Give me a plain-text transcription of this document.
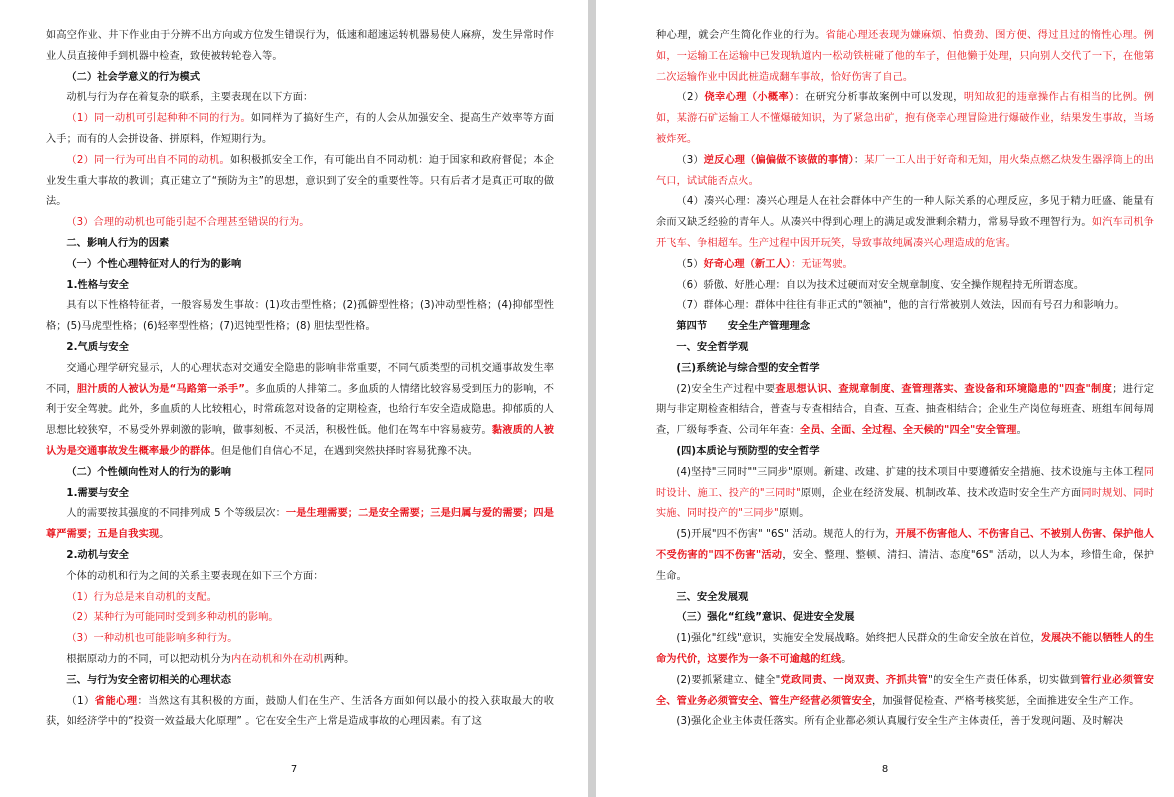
如高空作业、井下作业由于分辨不出方向或方位发生错误行为，低速和超速运转机器易使人麻痹，发生异常时作业人员直接伸手到机器中检查，致使被转轮卷入等。

（二）社会学意义的行为模式

动机与行为存在着复杂的联系，主要表现在以下方面：

（1）同一动机可引起种种不同的行为。如同样为了搞好生产，有的人会从加强安全、提高生产效率等方面入手；而有的人会拼设备、拼原料，作短期行为。

（2）同一行为可出自不同的动机。如积极抓安全工作，有可能出自不同动机：迫于国家和政府督促；本企业发生重大事故的教训；真正建立了“预防为主”的思想，意识到了安全的重要性等。只有后者才是真正可取的做法。

（3）合理的动机也可能引起不合理甚至错误的行为。

二、影响人行为的因素

（一）个性心理特征对人的行为的影响

1.性格与安全

具有以下性格特征者，一般容易发生事故：(1)攻击型性格；(2)孤僻型性格；(3)冲动型性格；(4)抑郁型性格；(5)马虎型性格；(6)轻率型性格；(7)迟钝型性格；(8) 胆怯型性格。

2.气质与安全

交通心理学研究显示，人的心理状态对交通安全隐患的影响非常重要，不同气质类型的司机交通事故发生率不同，胆汁质的人被认为是“马路第一杀手”。多血质的人排第二。多血质的人情绪比较容易受到压力的影响，不利于安全驾驶。此外，多血质的人比较粗心，时常疏忽对设备的定期检查，也给行车安全造成隐患。抑郁质的人思想比较狭窄，不易受外界刺激的影响，做事刻板、不灵活，积极性低。他们在驾车中容易疲劳。黏液质的人被认为是交通事故发生概率最少的群体。但是他们自信心不足，在遇到突然抉择时容易犹豫不决。

（二）个性倾向性对人的行为的影响

1.需要与安全

人的需要按其强度的不同排列成 5 个等级层次：一是生理需要；二是安全需要；三是归属与爱的需要；四是尊严需要；五是自我实现。

2.动机与安全

个体的动机和行为之间的关系主要表现在如下三个方面：

（1）行为总是来自动机的支配。

（2）某种行为可能同时受到多种动机的影响。

（3）一种动机也可能影响多种行为。

根据原动力的不同，可以把动机分为内在动机和外在动机两种。

三、与行为安全密切相关的心理状态

（1）省能心理：当然这有其积极的方面，鼓励人们在生产、生活各方面如何以最小的投入获取最大的收获，如经济学中的“投资一效益最大化原理” 。它在安全生产上常是造成事故的心理因素。有了这

7

种心理，就会产生简化作业的行为。省能心理还表现为嫌麻烦、怕费劲、图方便、得过且过的惰性心理。例如，一运输工在运输中已发现轨道内一松动铁桩碰了他的车子，但他懒于处理，只向别人交代了一下，在他第二次运输作业中因此桩造成翻车事故，恰好伤害了自己。

（2）侥幸心理（小概率）：在研究分析事故案例中可以发现，明知故犯的违章操作占有相当的比例。例如，某游石矿运输工人不懂爆破知识，为了紧急出矿，抱有侥幸心理冒险进行爆破作业，结果发生事故，当场被炸死。

（3）逆反心理（偏偏做不该做的事情）：某厂一工人出于好奇和无知，用火柴点燃乙炔发生器浮筒上的出气口，试试能否点火。

（4）凑兴心理：凑兴心理是人在社会群体中产生的一种人际关系的心理反应，多见于精力旺盛、能量有余而又缺乏经验的青年人。从凑兴中得到心理上的满足或发泄剩余精力，常易导致不理智行为。如汽车司机争开飞车、争相超车。生产过程中因开玩笑，导致事故纯属凑兴心理造成的危害。

（5）好奇心理（新工人）：无证驾驶。

（6）骄傲、好胜心理：自以为技术过硬而对安全规章制度、安全操作规程持无所谓态度。

（7）群体心理：群体中往往有非正式的"领袖"，他的言行常被别人效法，因而有号召力和影响力。

第四节　　安全生产管理理念

一、安全哲学观

(三)系统论与综合型的安全哲学

(2)安全生产过程中要查思想认识、查规章制度、查管理落实、查设备和环境隐患的"四查"制度；进行定期与非定期检查相结合，普查与专查相结合，自查、互查、抽查相结合；企业生产岗位每班查、班组车间每周查，厂级每季查、公司年年查：全员、全面、全过程、全天候的"四全"安全管理。

(四)本质论与预防型的安全哲学

(4)坚持"三同时""三同步"原则。新建、改建、扩建的技术项目中要遵循安全措施、技术设施与主体工程同时设计、施工、投产的"三同时"原则，企业在经济发展、机制改革、技术改造时安全生产方面同时规划、同时实施、同时投产的"三同步"原则。

(5)开展"四不伤害" "6S" 活动。规范人的行为，开展不伤害他人、不伤害自己、不被别人伤害、保护他人不受伤害的"四不伤害"活动，安全、整理、整顿、清扫、清洁、态度"6S" 活动，以人为本，珍惜生命，保护生命。

三、安全发展观

（三）强化“红线”意识、促进安全发展

(1)强化"红线"意识，实施安全发展战略。始终把人民群众的生命安全放在首位，发展决不能以牺牲人的生命为代价，这要作为一条不可逾越的红线。

(2)要抓紧建立、健全"党政同责、一岗双责、齐抓共管"的安全生产责任体系，切实做到管行业必须管安全、管业务必须管安全、管生产经营必须管安全，加强督促检查、严格考核奖惩，全面推进安全生产工作。

(3)强化企业主体责任落实。所有企业都必须认真履行安全生产主体责任，善于发现问题、及时解决

8
